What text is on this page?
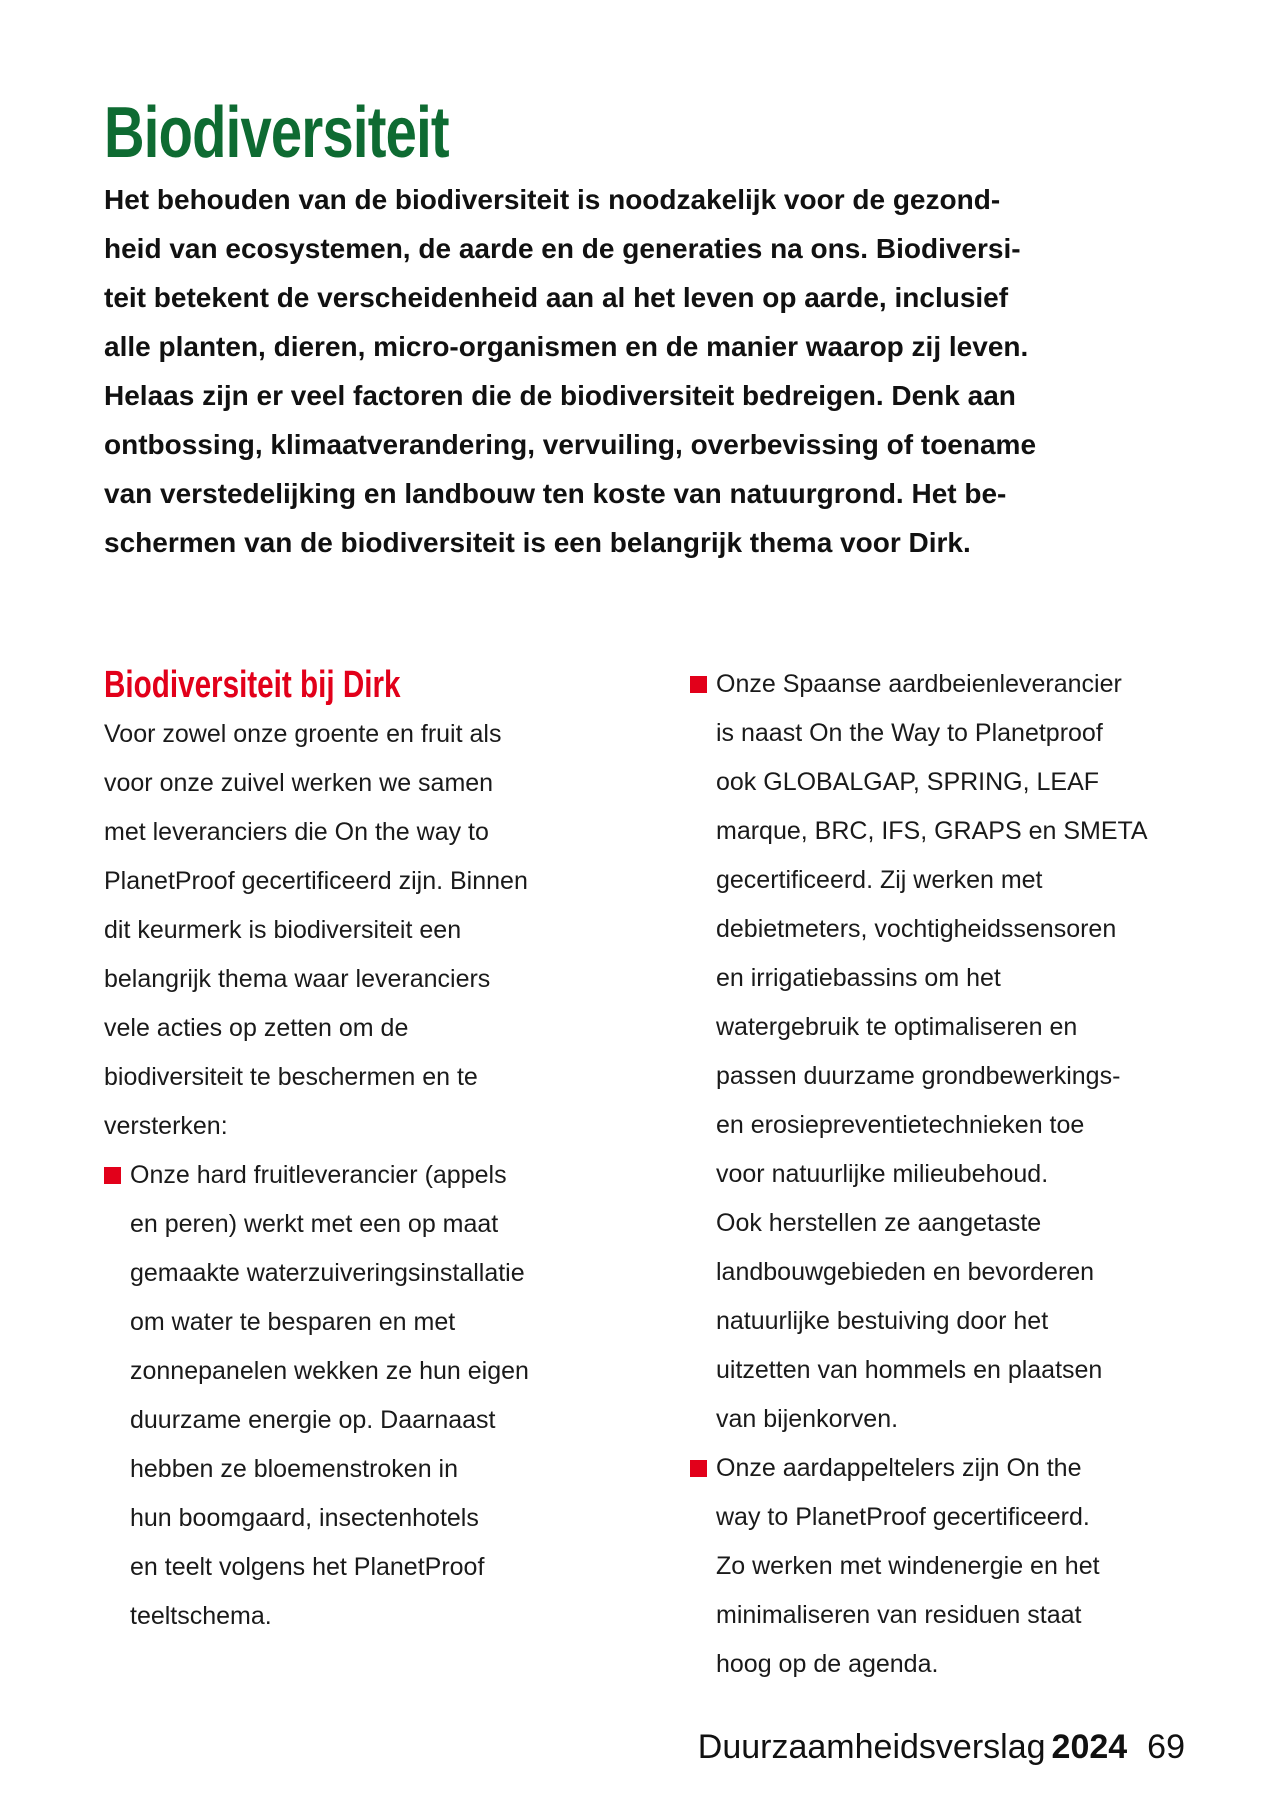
Biodiversiteit
Het behouden van de biodiversiteit is noodzakelijk voor de gezond-
heid van ecosystemen, de aarde en de generaties na ons. Biodiversi-
teit betekent de verscheidenheid aan al het leven op aarde, inclusief
alle planten, dieren, micro-organismen en de manier waarop zij leven.
Helaas zijn er veel factoren die de biodiversiteit bedreigen. Denk aan
ontbossing, klimaatverandering, vervuiling, overbevissing of toename
van verstedelijking en landbouw ten koste van natuurgrond. Het be-
schermen van de biodiversiteit is een belangrijk thema voor Dirk.
Biodiversiteit bij Dirk
Voor zowel onze groente en fruit als
voor onze zuivel werken we samen
met leveranciers die On the way to
PlanetProof gecertificeerd zijn. Binnen
dit keurmerk is biodiversiteit een
belangrijk thema waar leveranciers
vele acties op zetten om de
biodiversiteit te beschermen en te
versterken:
Onze hard fruitleverancier (appels
en peren) werkt met een op maat
gemaakte waterzuiveringsinstallatie
om water te besparen en met
zonnepanelen wekken ze hun eigen
duurzame energie op. Daarnaast
hebben ze bloemenstroken in
hun boomgaard, insectenhotels
en teelt volgens het PlanetProof
teeltschema.
Onze Spaanse aardbeienleverancier
is naast On the Way to Planetproof
ook GLOBALGAP, SPRING, LEAF
marque, BRC, IFS, GRAPS en SMETA
gecertificeerd. Zij werken met
debietmeters, vochtigheidssensoren
en irrigatiebassins om het
watergebruik te optimaliseren en
passen duurzame grondbewerkings-
en erosiepreventietechnieken toe
voor natuurlijke milieubehoud.
Ook herstellen ze aangetaste
landbouwgebieden en bevorderen
natuurlijke bestuiving door het
uitzetten van hommels en plaatsen
van bijenkorven.
Onze aardappeltelers zijn On the
way to PlanetProof gecertificeerd.
Zo werken met windenergie en het
minimaliseren van residuen staat
hoog op de agenda.
Duurzaamheidsverslag 2024 69
